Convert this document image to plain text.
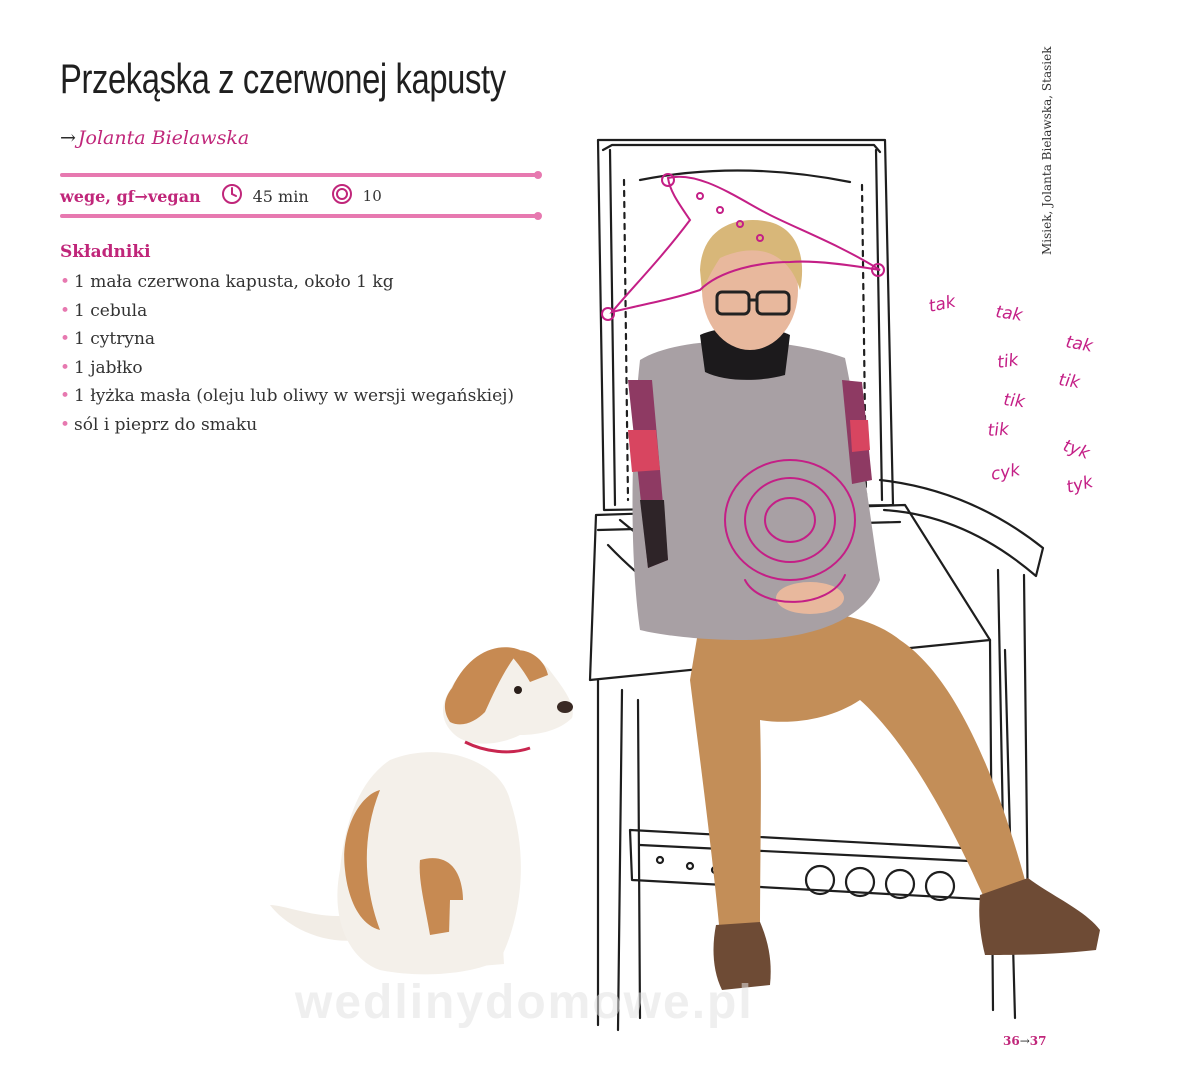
tak tak
tak
tik
tik
tik
tik
tyk
cyk	tyk
Przekąska z czerwonej kapusty
→ Jolanta Bielawska
wege, gf→vegan	45 min	10
Składniki
• 1 mała czerwona kapusta, około 1 kg
• 1 cebula
• 1 cytryna
• 1 jabłko
• 1 łyżka masła (oleju lub oliwy w wersji wegańskiej)
• sól i pieprz do smaku
Misiek, Jolanta Bielawska, Stasiek
wedlinydomowe.pl
36→37
